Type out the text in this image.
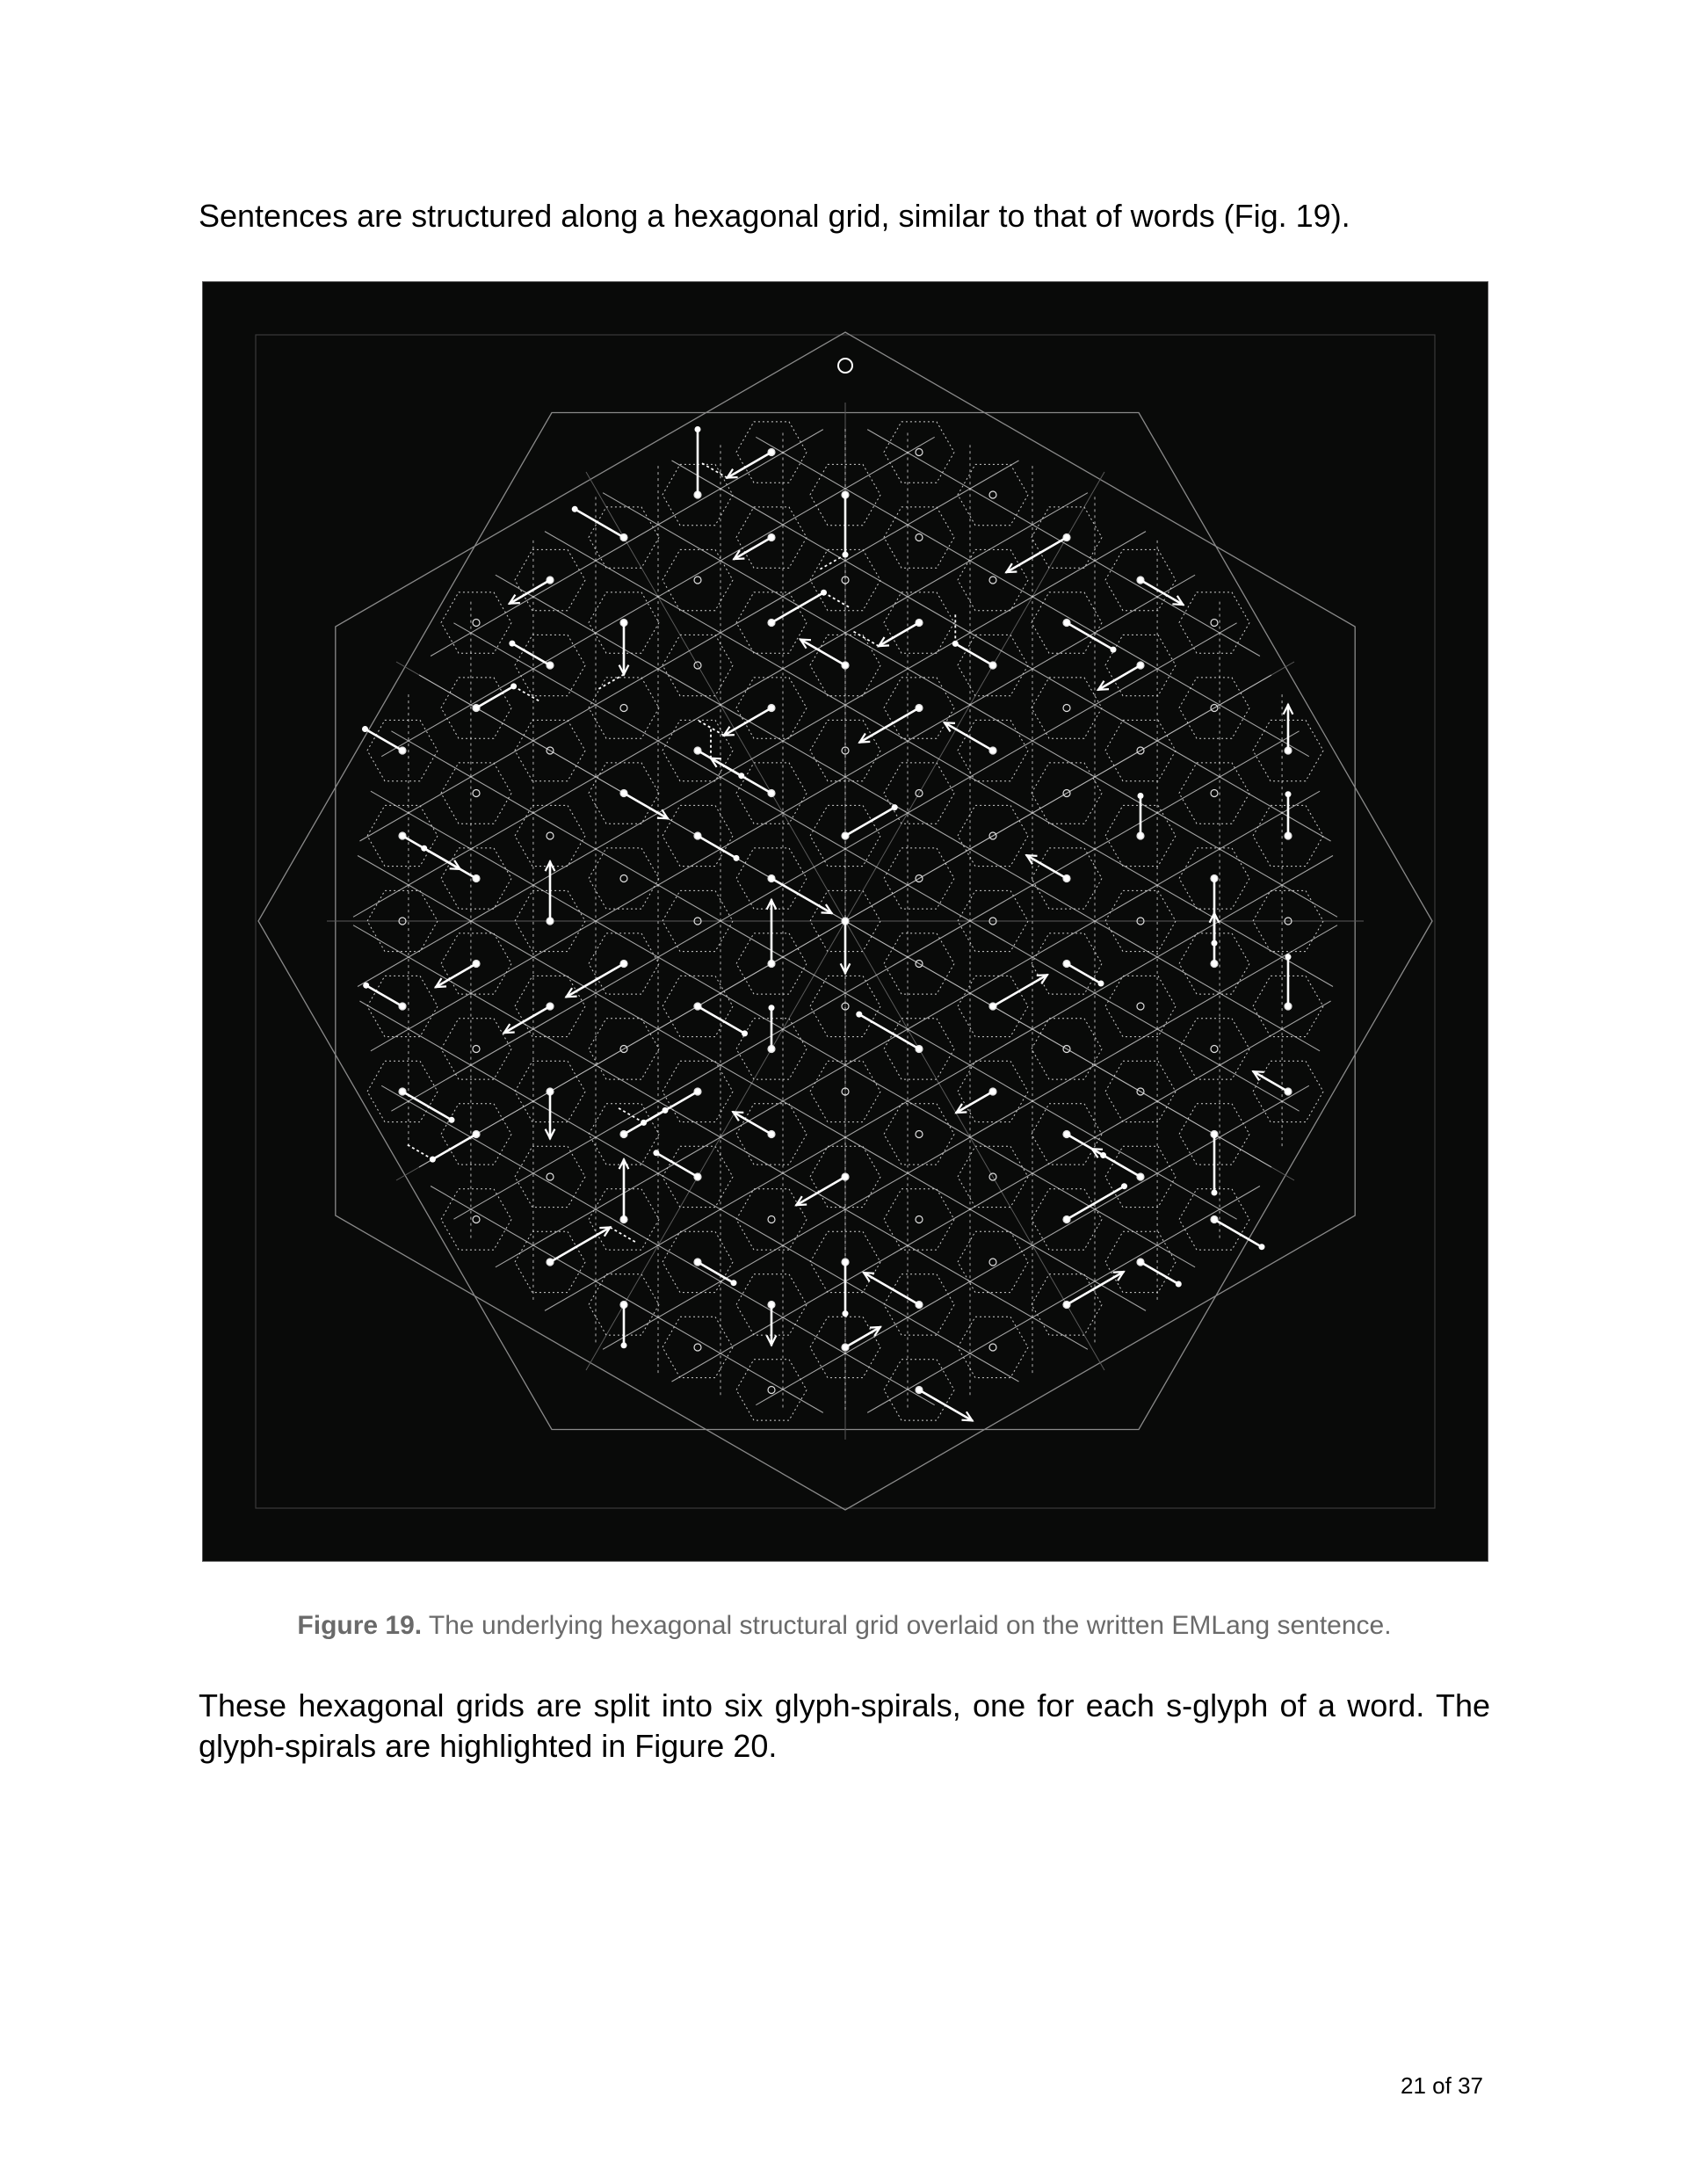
Sentences are structured along a hexagonal grid, similar to that of words (Fig. 19).

Figure 19. The underlying hexagonal structural grid overlaid on the written EMLang sentence.

These hexagonal grids are split into six glyph-spirals, one for each s-glyph of a word. The glyph-spirals are highlighted in Figure 20.

21 of 37
